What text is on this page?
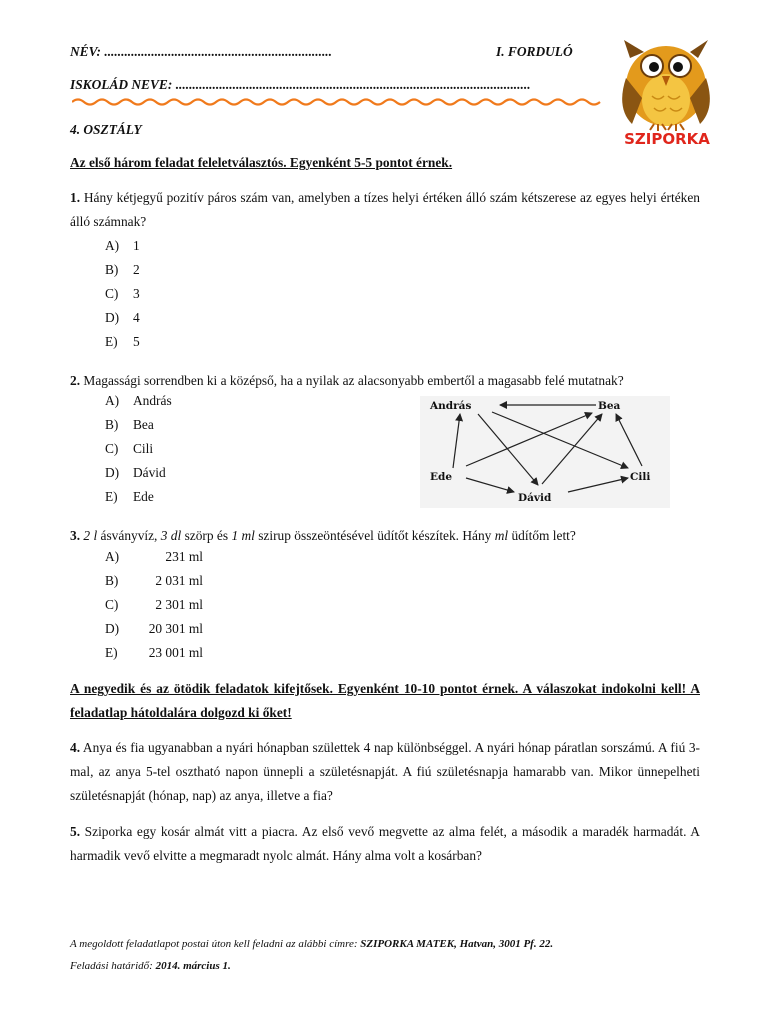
NÉV: ....................................................................	I. FORDULÓ
ISKOLÁD NEVE: ..........................................................................................................
4. OSZTÁLY
SZIPORKA
Az első három feladat feleletválasztós. Egyenként 5-5 pontot érnek.
1. Hány kétjegyű pozitív páros szám van, amelyben a tízes helyi értéken álló szám kétszerese az egyes helyi értéken álló számnak?
A) 1
B) 2
C) 3
D) 4
E) 5
2. Magassági sorrendben ki a középső, ha a nyilak az alacsonyabb embertől a magasabb felé mutatnak?
A) András
B) Bea
C) Cili
D) Dávid
E) Ede
András	Bea
Ede	Cili
Dávid
3. 2 l ásványvíz, 3 dl szörp és 1 ml szirup összeöntésével üdítőt készítek. Hány ml üdítőm lett?
A)	231 ml
B)	2 031 ml
C)	2 301 ml
D) 20 301 ml
E) 23 001 ml
A negyedik és az ötödik feladatok kifejtősek. Egyenként 10-10 pontot érnek. A válaszokat indokolni kell! A feladatlap hátoldalára dolgozd ki őket!
4. Anya és fia ugyanabban a nyári hónapban születtek 4 nap különbséggel. A nyári hónap páratlan sorszámú. A fiú 3-mal, az anya 5-tel osztható napon ünnepli a születésnapját. A fiú születésnapja hamarabb van. Mikor ünnepelheti születésnapját (hónap, nap) az anya, illetve a fia?
5. Sziporka egy kosár almát vitt a piacra. Az első vevő megvette az alma felét, a második a maradék harmadát. A harmadik vevő elvitte a megmaradt nyolc almát. Hány alma volt a kosárban?
A megoldott feladatlapot postai úton kell feladni az alábbi címre: SZIPORKA MATEK, Hatvan, 3001 Pf. 22.
Feladási határidő: 2014. március 1.
